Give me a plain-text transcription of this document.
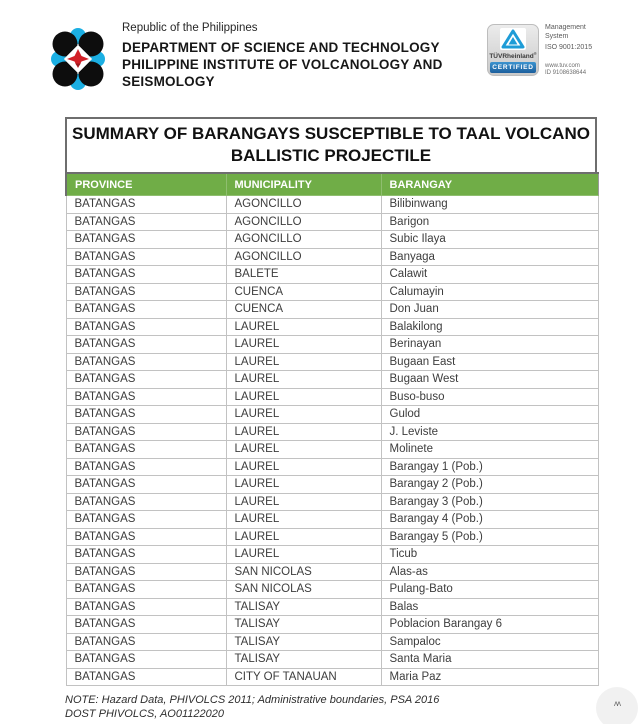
Republic of the Philippines
DEPARTMENT OF SCIENCE AND TECHNOLOGY
PHILIPPINE INSTITUTE OF VOLCANOLOGY AND
SEISMOLOGY
TÜVRheinland®
CERTIFIED
Management
System
ISO 9001:2015
www.tuv.com
ID 9108638644
SUMMARY OF BARANGAYS SUSCEPTIBLE TO TAAL VOLCANO
BALLISTIC PROJECTILE
PROVINCE	MUNICIPALITY	BARANGAY
BATANGAS	AGONCILLO	Bilibinwang
BATANGAS	AGONCILLO	Barigon
BATANGAS	AGONCILLO	Subic Ilaya
BATANGAS	AGONCILLO	Banyaga
BATANGAS	BALETE	Calawit
BATANGAS	CUENCA	Calumayin
BATANGAS	CUENCA	Don Juan
BATANGAS	LAUREL	Balakilong
BATANGAS	LAUREL	Berinayan
BATANGAS	LAUREL	Bugaan East
BATANGAS	LAUREL	Bugaan West
BATANGAS	LAUREL	Buso-buso
BATANGAS	LAUREL	Gulod
BATANGAS	LAUREL	J. Leviste
BATANGAS	LAUREL	Molinete
BATANGAS	LAUREL	Barangay 1 (Pob.)
BATANGAS	LAUREL	Barangay 2 (Pob.)
BATANGAS	LAUREL	Barangay 3 (Pob.)
BATANGAS	LAUREL	Barangay 4 (Pob.)
BATANGAS	LAUREL	Barangay 5 (Pob.)
BATANGAS	LAUREL	Ticub
BATANGAS	SAN NICOLAS	Alas-as
BATANGAS	SAN NICOLAS	Pulang-Bato
BATANGAS	TALISAY	Balas
BATANGAS	TALISAY	Poblacion Barangay 6
BATANGAS	TALISAY	Sampaloc
BATANGAS	TALISAY	Santa Maria
BATANGAS	CITY OF TANAUAN	Maria Paz
NOTE: Hazard Data, PHIVOLCS 2011; Administrative boundaries, PSA 2016
DOST PHIVOLCS, AO01122020
ʌʌ
